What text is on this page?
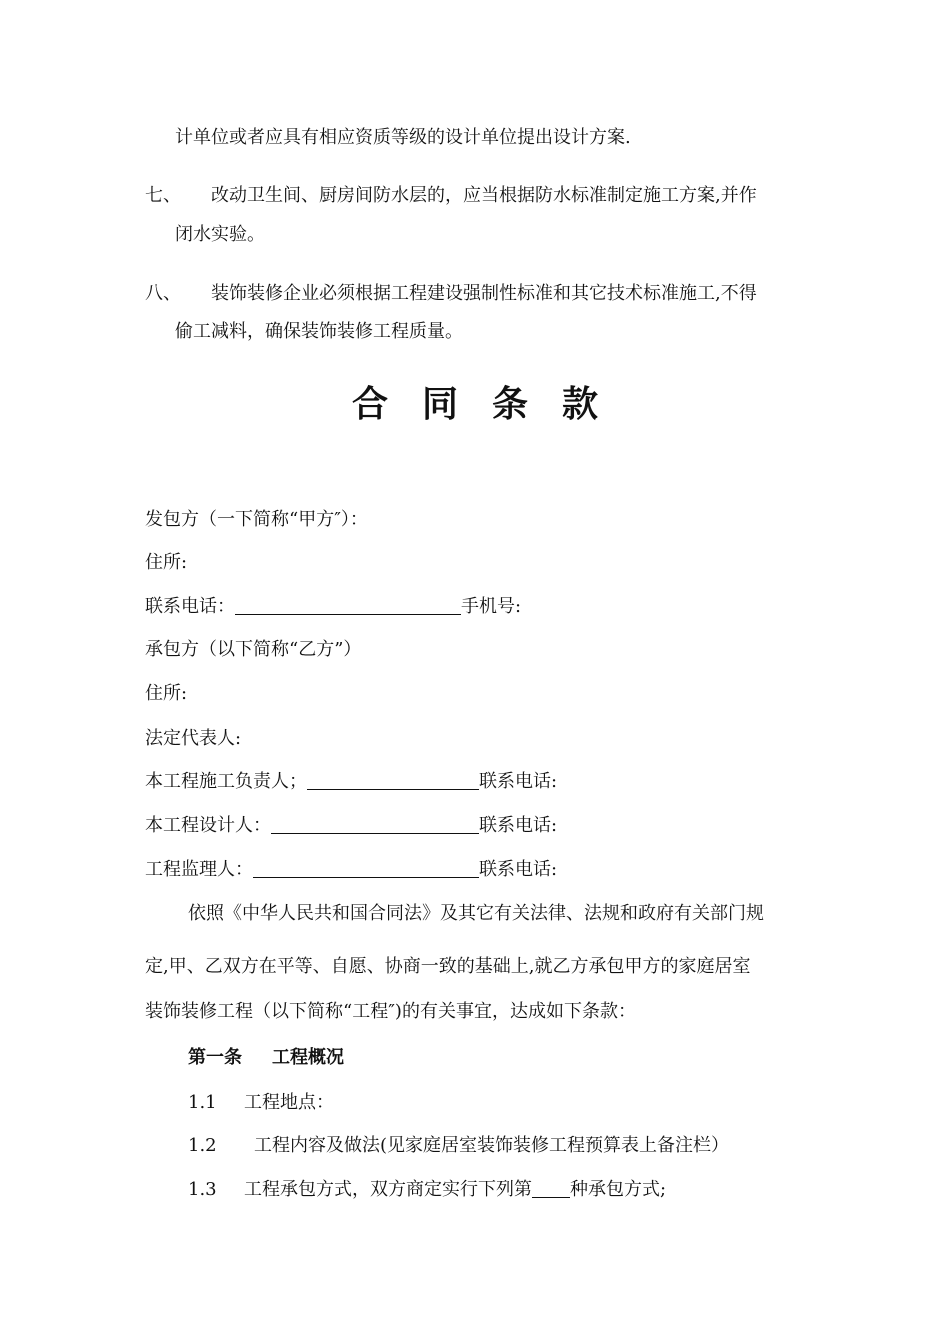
计单位或者应具有相应资质等级的设计单位提出设计方案.
七、 改动卫生间、厨房间防水层的，应当根据防水标准制定施工方案,并作
闭水实验。
八、 装饰装修企业必须根据工程建设强制性标准和其它技术标准施工,不得
偷工减料，确保装饰装修工程质量。
合同条款
发包方（一下简称“甲方″）：
住所:
联系电话：	手机号:
承包方（以下简称“乙方”）
住所:
法定代表人:
本工程施工负责人；	联系电话:
本工程设计人：	联系电话:
工程监理人：	联系电话:
依照《中华人民共和国合同法》及其它有关法律、法规和政府有关部门规
定,甲、乙双方在平等、自愿、协商一致的基础上,就乙方承包甲方的家庭居室
装饰装修工程（以下简称“工程″)的有关事宜，达成如下条款：
第一条 工程概况
1.1 工程地点：
1.2 工程内容及做法(见家庭居室装饰装修工程预算表上备注栏）
1.3 工程承包方式，双方商定实行下列第 种承包方式;
